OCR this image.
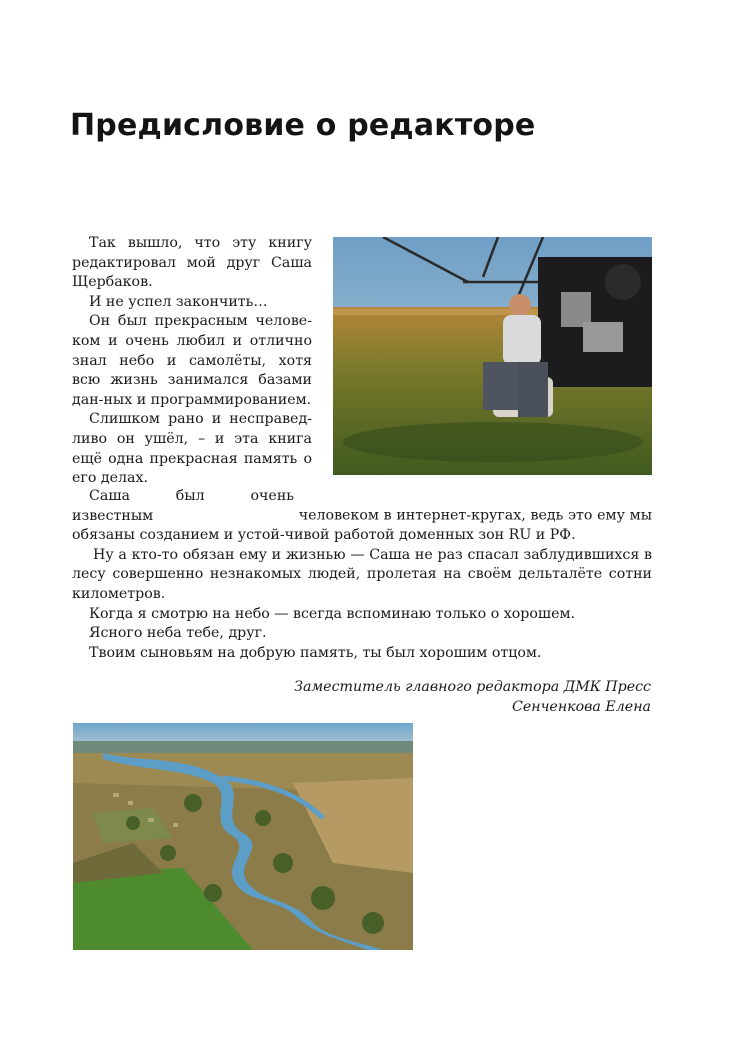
Предисловие о редакторе

Так вышло, что эту книгу редактировал мой друг Саша Щербаков.

И не успел закончить…

Он был прекрасным челове-ком и очень любил и отлично знал небо и самолёты, хотя всю жизнь занимался базами дан-ных и программированием.

Слишком рано и несправед-ливо он ушёл, – и эта книга ещё одна прекрасная память о его делах.

Саша был очень известным	человеком в интернет-кругах, ведь это ему мы обязаны созданием и устой-чивой работой доменных зон RU и РФ.

Ну а кто-то обязан ему и жизнью — Саша не раз спасал заблудившихся в лесу совершенно незнакомых людей, пролетая на своём дельталёте сотни километров.

Когда я смотрю на небо — всегда вспоминаю только о хорошем.

Ясного неба тебе, друг.

Твоим сыновьям на добрую память, ты был хорошим отцом.

Заместитель главного редактора ДМК Пресс
Сенченкова Елена
